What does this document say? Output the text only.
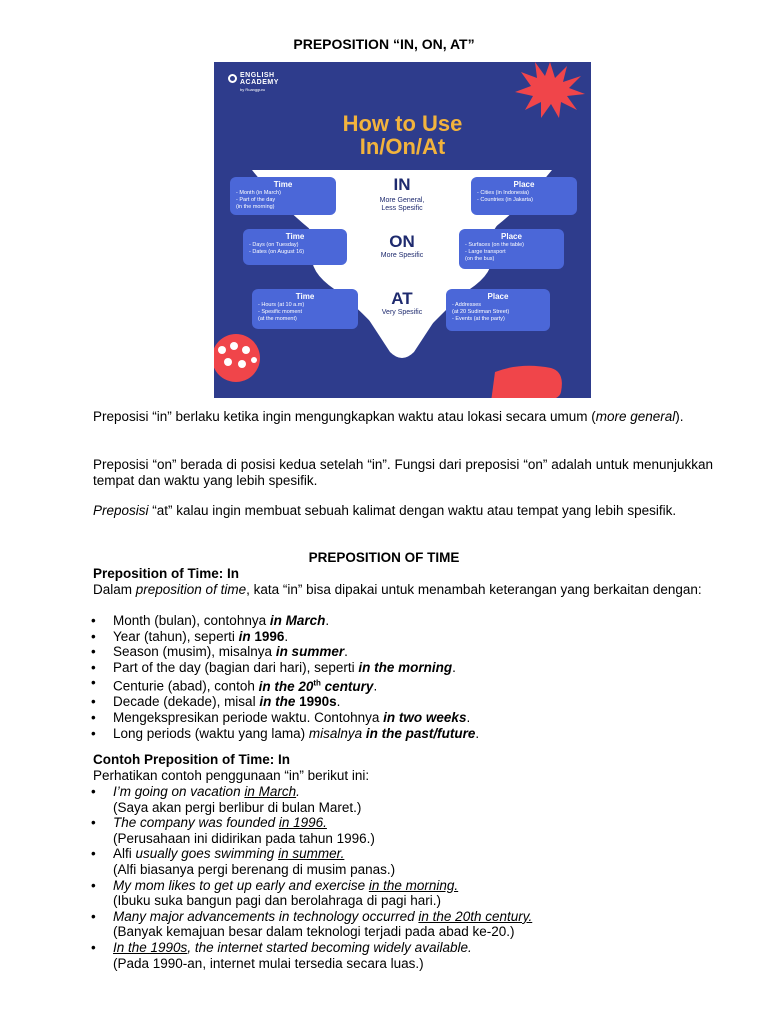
PREPOSITION “IN, ON, AT”
ENGLISH
ACADEMY
by Ruangguru
How to Use
In/On/At
IN
More General,
Less Spesific
Time
- Month (in March)
- Part of the day
(in the morning)
Place
- Cities (in Indonesia)
- Countries (in Jakarta)
ON
More Spesific
Time
- Days (on Tuesday)
- Dates (on August 16)
Place
- Surfaces (on the table)
- Large transport
(on the bus)
AT
Very Spesific
Time
- Hours (at 10 a.m)
- Spesific moment
(at the moment)
Place
- Addresses
(at 20 Sudirman Street)
- Events (at the party)
Preposisi “in” berlaku ketika ingin mengungkapkan waktu atau lokasi secara umum (more general).
Preposisi “on” berada di posisi kedua setelah “in”. Fungsi dari preposisi “on” adalah untuk menunjukkan tempat dan waktu yang lebih spesifik.
Preposisi “at” kalau ingin membuat sebuah kalimat dengan waktu atau tempat yang lebih spesifik.
PREPOSITION OF TIME
Preposition of Time: In
Dalam preposition of time, kata “in” bisa dipakai untuk menambah keterangan yang berkaitan dengan:
• Month (bulan), contohnya in March.
• Year (tahun), seperti in 1996.
• Season (musim), misalnya in summer.
• Part of the day (bagian dari hari), seperti in the morning.
• Centurie (abad), contoh in the 20th century.
• Decade (dekade), misal in the 1990s.
• Mengekspresikan periode waktu. Contohnya in two weeks.
• Long periods (waktu yang lama) misalnya in the past/future.
Contoh Preposition of Time: In
Perhatikan contoh penggunaan “in” berikut ini:
• I’m going on vacation in March.
(Saya akan pergi berlibur di bulan Maret.)
• The company was founded in 1996.
(Perusahaan ini didirikan pada tahun 1996.)
• Alfi usually goes swimming in summer.
(Alfi biasanya pergi berenang di musim panas.)
• My mom likes to get up early and exercise in the morning.
(Ibuku suka bangun pagi dan berolahraga di pagi hari.)
• Many major advancements in technology occurred in the 20th century.
(Banyak kemajuan besar dalam teknologi terjadi pada abad ke-20.)
• In the 1990s, the internet started becoming widely available.
(Pada 1990-an, internet mulai tersedia secara luas.)
